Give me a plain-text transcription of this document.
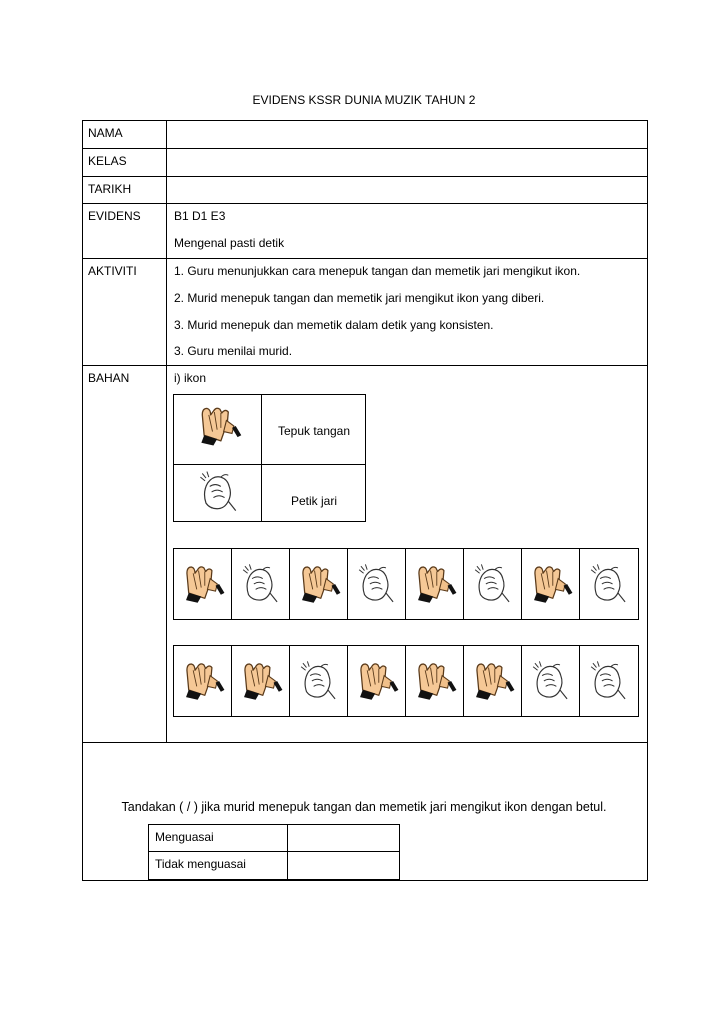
EVIDENS KSSR DUNIA MUZIK TAHUN 2
NAMA
KELAS
TARIKH
EVIDENS
AKTIVITI
BAHAN
B1 D1 E3
Mengenal pasti detik
1. Guru menunjukkan cara menepuk tangan dan memetik jari mengikut ikon.
2. Murid menepuk tangan dan memetik jari mengikut ikon yang diberi.
3. Murid menepuk dan memetik dalam detik yang konsisten.
3. Guru menilai murid.
i) ikon
Tepuk tangan
Petik jari
Tandakan ( / ) jika murid menepuk tangan dan memetik jari mengikut ikon dengan betul.
Menguasai
Tidak menguasai
